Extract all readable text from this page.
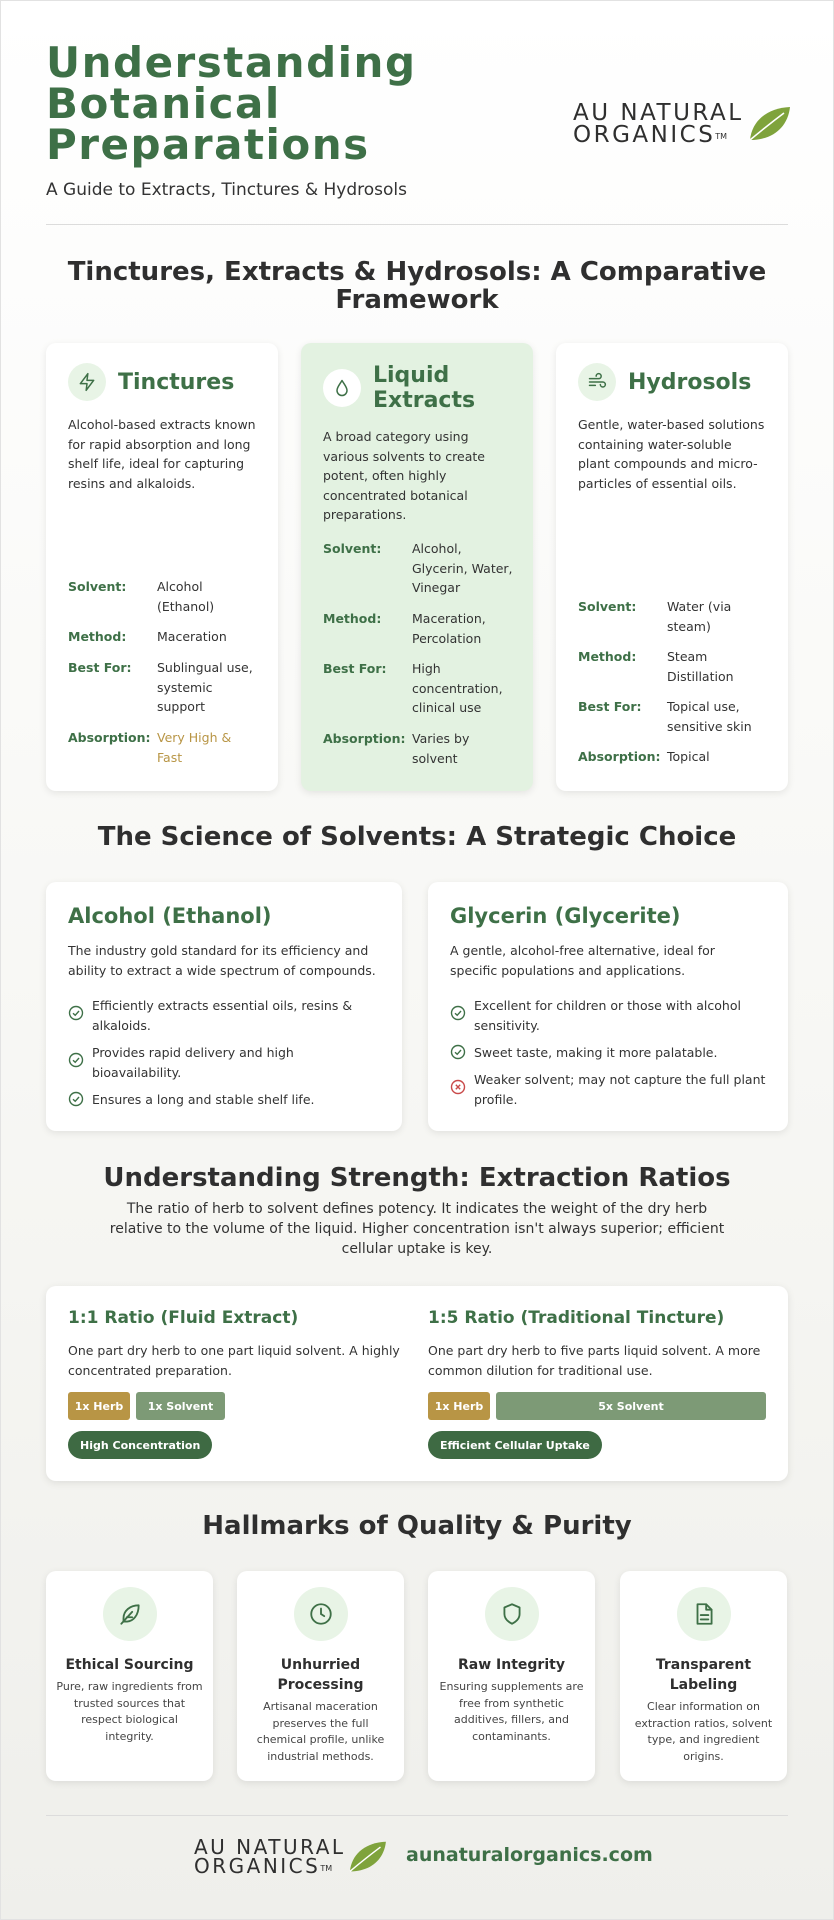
Understanding
Botanical
Preparations
A Guide to Extracts, Tinctures & Hydrosols
AU NATURAL
ORGANICS™
Tinctures, Extracts & Hydrosols: A Comparative
Framework
Tinctures
Alcohol-based extracts known for rapid absorption and long shelf life, ideal for capturing resins and alkaloids.
Solvent:	Alcohol (Ethanol)
Method:	Maceration
Best For:	Sublingual use, systemic support
Absorption: Very High & Fast
Liquid Extracts
A broad category using various solvents to create potent, often highly concentrated botanical preparations.
Solvent:	Alcohol, Glycerin, Water, Vinegar
Method:	Maceration, Percolation
Best For:	High concentration, clinical use
Absorption: Varies by solvent
Hydrosols
Gentle, water-based solutions containing water-soluble plant compounds and micro-particles of essential oils.
Solvent:	Water (via steam)
Method:	Steam Distillation
Best For:	Topical use, sensitive skin
Absorption: Topical
The Science of Solvents: A Strategic Choice
Alcohol (Ethanol)
The industry gold standard for its efficiency and ability to extract a wide spectrum of compounds.
Efficiently extracts essential oils, resins & alkaloids.
Provides rapid delivery and high bioavailability.
Ensures a long and stable shelf life.
Glycerin (Glycerite)
A gentle, alcohol-free alternative, ideal for specific populations and applications.
Excellent for children or those with alcohol sensitivity.
Sweet taste, making it more palatable.
Weaker solvent; may not capture the full plant profile.
Understanding Strength: Extraction Ratios
The ratio of herb to solvent defines potency. It indicates the weight of the dry herb relative to the volume of the liquid. Higher concentration isn't always superior; efficient cellular uptake is key.
1:1 Ratio (Fluid Extract)
One part dry herb to one part liquid solvent. A highly concentrated preparation.
1x Herb	1x Solvent
High Concentration
1:5 Ratio (Traditional Tincture)
One part dry herb to five parts liquid solvent. A more common dilution for traditional use.
1x Herb	5x Solvent
Efficient Cellular Uptake
Hallmarks of Quality & Purity
Ethical Sourcing
Pure, raw ingredients from trusted sources that respect biological integrity.
Unhurried Processing
Artisanal maceration preserves the full chemical profile, unlike industrial methods.
Raw Integrity
Ensuring supplements are free from synthetic additives, fillers, and contaminants.
Transparent Labeling
Clear information on extraction ratios, solvent type, and ingredient origins.
AU NATURAL
ORGANICS™
aunaturalorganics.com
